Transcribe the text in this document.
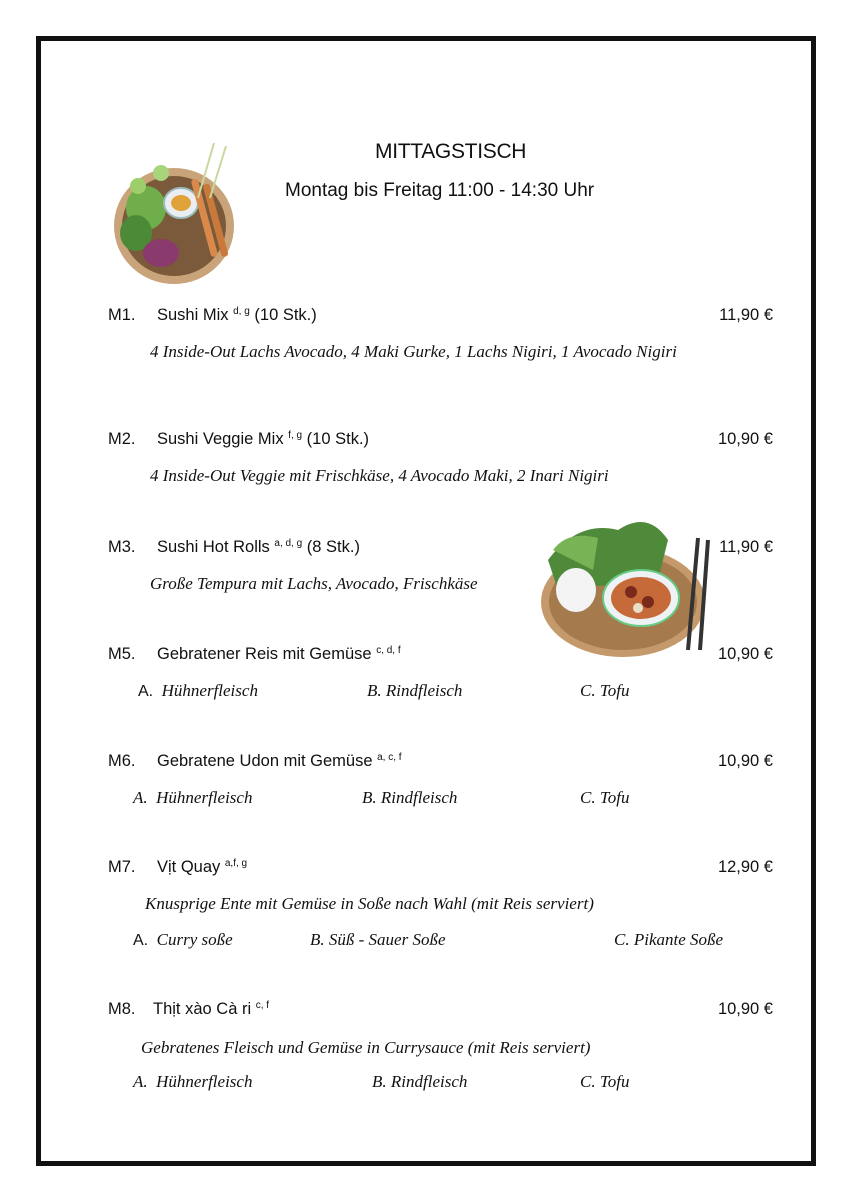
MITTAGSTISCH
Montag bis Freitag 11:00 - 14:30 Uhr
M1. Sushi Mix $^{d, g}$ (10 Stk.)	11,90 €
4 Inside-Out Lachs Avocado, 4 Maki Gurke, 1 Lachs Nigiri, 1 Avocado Nigiri
M2. Sushi Veggie Mix $^{f, g}$ (10 Stk.)	10,90 €
4 Inside-Out Veggie mit Frischkäse, 4 Avocado Maki, 2 Inari Nigiri
M3. Sushi Hot Rolls $^{a, d, g}$ (8 Stk.)	11,90 €
Große Tempura mit Lachs, Avocado, Frischkäse
M5. Gebratener Reis mit Gemüse $^{c, d, f}$	10,90 €
A. Hühnerfleisch	B. Rindfleisch	C. Tofu
M6. Gebratene Udon mit Gemüse $^{a, c, f}$	10,90 €
A. Hühnerfleisch	B. Rindfleisch	C. Tofu
M7. Vịt Quay $^{a,f, g}$	12,90 €
Knusprige Ente mit Gemüse in Soße nach Wahl (mit Reis serviert)
A. Curry soße	B. Süß - Sauer Soße	C. Pikante Soße
M8. Thịt xào Cà ri $^{c, f}$	10,90 €
Gebratenes Fleisch und Gemüse in Currysauce (mit Reis serviert)
A. Hühnerfleisch	B. Rindfleisch	C. Tofu
